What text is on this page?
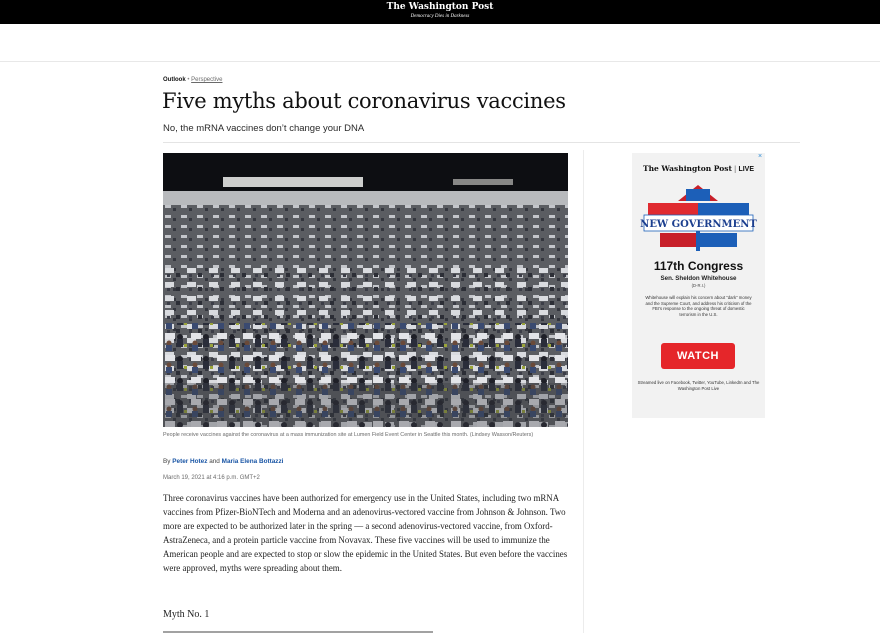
The Washington Post
Democracy Dies in Darkness
Outlook • Perspective
Five myths about coronavirus vaccines
No, the mRNA vaccines don’t change your DNA
People receive vaccines against the coronavirus at a mass immunization site at Lumen Field Event Center in Seattle this month. (Lindsey Wasson/Reuters)
By Peter Hotez and Maria Elena Bottazzi
March 19, 2021 at 4:16 p.m. GMT+2

Three coronavirus vaccines have been authorized for emergency use in the United States, including two mRNA vaccines from Pfizer-BioNTech and Moderna and an adenovirus-vectored vaccine from Johnson & Johnson. Two more are expected to be authorized later in the spring — a second adenovirus-vectored vaccine, from Oxford-AstraZeneca, and a protein particle vaccine from Novavax. These five vaccines will be used to immunize the American people and are expected to stop or slow the epidemic in the United States. But even before the vaccines were approved, myths were spreading about them.

Myth No. 1
The Washington Post | LIVE
NEW GOVERNMENT
117th Congress
Sen. Sheldon Whitehouse
(D-R.I.)
Whitehouse will explain his concern about “dark” money and the Supreme Court, and address his criticism of the FBI’s response to the ongoing threat of domestic terrorism in the U.S.
WATCH
Streamed live on Facebook, Twitter, YouTube, LinkedIn and The Washington Post Live
×
